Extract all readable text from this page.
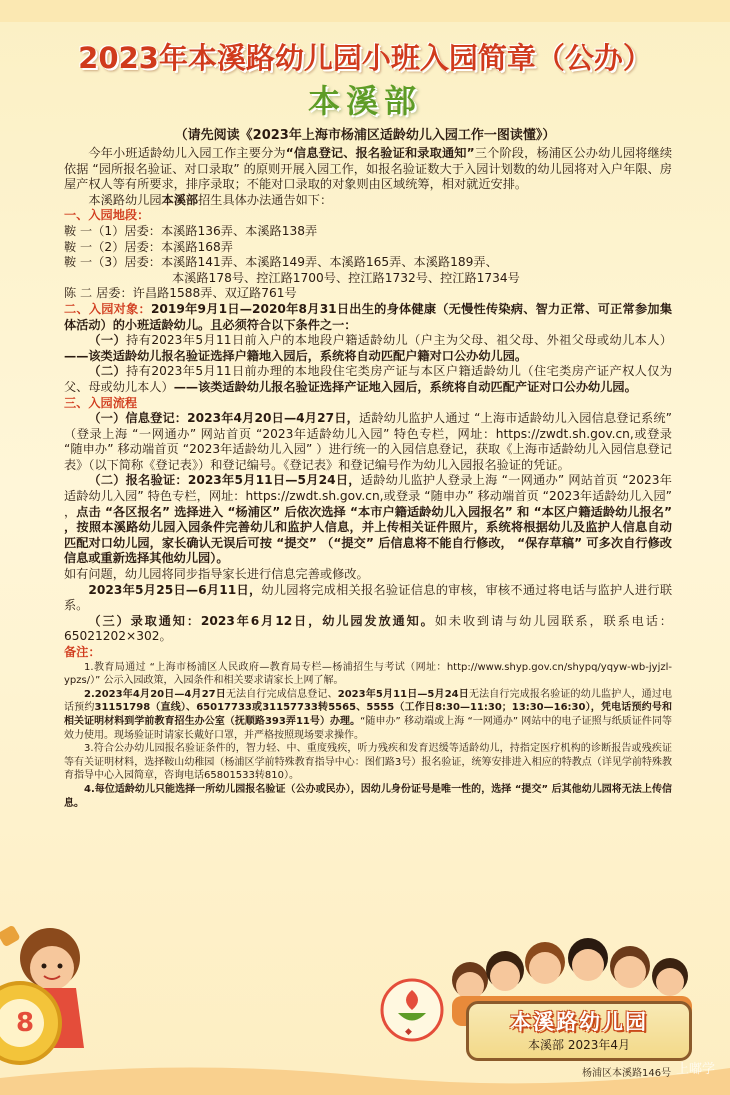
2023年本溪路幼儿园小班入园简章（公办）
本溪部
（请先阅读《2023年上海市杨浦区适龄幼儿入园工作一图读懂》）

今年小班适龄幼儿入园工作主要分为“信息登记、报名验证和录取通知”三个阶段，杨浦区公办幼儿园将继续依据 “园所报名验证、对口录取” 的原则开展入园工作，如报名验证数大于入园计划数的幼儿园将对入户年限、房屋产权人等有所要求，排序录取；不能对口录取的对象则由区域统筹，相对就近安排。

本溪路幼儿园本溪部招生具体办法通告如下：

一、入园地段：

鞍 一（1）居委：本溪路136弄、本溪路138弄

鞍 一（2）居委：本溪路168弄

鞍 一（3）居委：本溪路141弄、本溪路149弄、本溪路165弄、本溪路189弄、

本溪路178号、控江路1700号、控江路1732号、控江路1734号

陈 二 居委：许昌路1588弄、双辽路761号

二、入园对象：2019年9月1日—2020年8月31日出生的身体健康（无慢性传染病、智力正常、可正常参加集体活动）的小班适龄幼儿。且必须符合以下条件之一：

（一）持有2023年5月11日前入户的本地段户籍适龄幼儿（户主为父母、祖父母、外祖父母或幼儿本人）——该类适龄幼儿报名验证选择户籍地入园后，系统将自动匹配户籍对口公办幼儿园。

（二）持有2023年5月11日前办理的本地段住宅类房产证与本区户籍适龄幼儿（住宅类房产证产权人仅为父、母或幼儿本人）——该类适龄幼儿报名验证选择产证地入园后，系统将自动匹配产证对口公办幼儿园。

三、入园流程

（一）信息登记：2023年4月20日—4月27日，适龄幼儿监护人通过 “上海市适龄幼儿入园信息登记系统” （登录上海 “一网通办” 网站首页 “2023年适龄幼儿入园” 特色专栏，网址：https://zwdt.sh.gov.cn,或登录 “随申办” 移动端首页 “2023年适龄幼儿入园” ）进行统一的入园信息登记，获取《上海市适龄幼儿入园信息登记表》（以下简称《登记表》）和登记编号。《登记表》和登记编号作为幼儿入园报名验证的凭证。

（二）报名验证：2023年5月11日—5月24日，适龄幼儿监护人登录上海 “一网通办” 网站首页 “2023年适龄幼儿入园” 特色专栏，网址：https://zwdt.sh.gov.cn,或登录 “随申办” 移动端首页 “2023年适龄幼儿入园” ，点击 “各区报名” 选择进入 “杨浦区” 后依次选择 “本市户籍适龄幼儿入园报名” 和 “本区户籍适龄幼儿报名” ，按照本溪路幼儿园入园条件完善幼儿和监护人信息，并上传相关证件照片，系统将根据幼儿及监护人信息自动匹配对口幼儿园，家长确认无误后可按 “提交” （“提交” 后信息将不能自行修改， “保存草稿” 可多次自行修改信息或重新选择其他幼儿园）。

如有问题，幼儿园将同步指导家长进行信息完善或修改。

2023年5月25日—6月11日，幼儿园将完成相关报名验证信息的审核，审核不通过将电话与监护人进行联系。

（三）录取通知：2023年6月12日，幼儿园发放通知。如未收到请与幼儿园联系，联系电话：65021202×302。

备注：

1.教育局通过 “上海市杨浦区人民政府—教育局专栏—杨浦招生与考试（网址：http://www.shyp.gov.cn/shypq/yqyw-wb-jyjzl-ypzs/）” 公示入园政策，入园条件和相关要求请家长上网了解。

2.2023年4月20日—4月27日无法自行完成信息登记、2023年5月11日—5月24日无法自行完成报名验证的幼儿监护人，通过电话预约31151798（直线）、65017733或31157733转5565、5555（工作日8:30—11:30；13:30—16:30），凭电话预约号和相关证明材料到学前教育招生办公室（抚顺路393弄11号）办理。“随申办” 移动端或上海 “一网通办” 网站中的电子证照与纸质证件同等效力使用。现场验证时请家长戴好口罩，并严格按照现场要求操作。

3.符合公办幼儿园报名验证条件的，智力轻、中、重度残疾，听力残疾和发育迟缓等适龄幼儿，持指定医疗机构的诊断报告或残疾证等有关证明材料，选择鞍山幼稚园（杨浦区学前特殊教育指导中心：图们路3号）报名验证，统筹安排进入相应的特教点（详见学前特殊教育指导中心入园简章，咨询电话65801533转810）。

4.每位适龄幼儿只能选择一所幼儿园报名验证（公办或民办），因幼儿身份证号是唯一性的，选择 “提交” 后其他幼儿园将无法上传信息。

8	◆	本溪路幼儿园
本溪部 2023年4月
杨浦区本溪路146号 上嘟学
